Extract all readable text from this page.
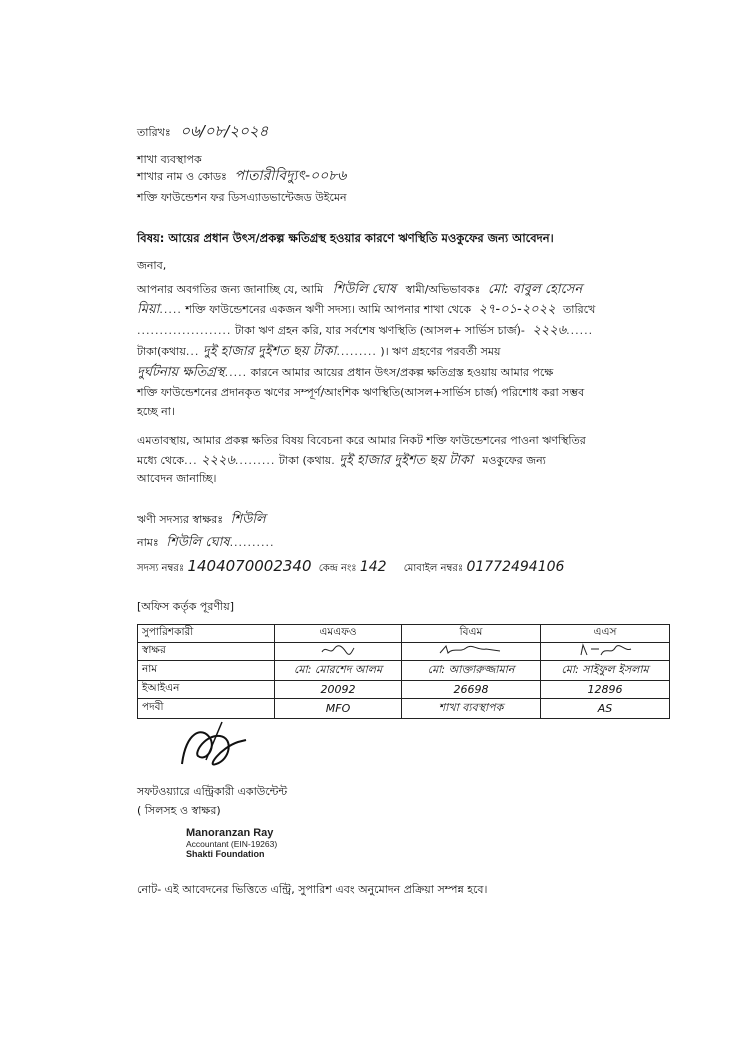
তারিখঃ ০৬/০৮/২০২৪
শাখা ব্যবস্থাপক
শাখার নাম ও কোডঃ পাতারীবিদ্যুৎ-০০৮৬
শক্তি ফাউন্ডেশন ফর ডিসএ্যাডভান্টেজড উইমেন
বিষয়: আয়ের প্রধান উৎস/প্রকল্প ক্ষতিগ্রস্থ হওয়ার কারণে ঋণস্থিতি মওকুফের জন্য আবেদন।
জনাব,
আপনার অবগতির জন্য জানাচ্ছি যে, আমি শিউলি ঘোষ স্বামী/অভিভাবকঃ মো: বাবুল হোসেন
মিয়া..... শক্তি ফাউন্ডেশনের একজন ঋণী সদস্য। আমি আপনার শাখা থেকে ২৭-০১-২০২২ তারিখে
..................... টাকা ঋণ গ্রহন করি, যার সর্বশেষ ঋণস্থিতি (আসল+ সার্ভিস চার্জ)- ২২২৬......
টাকা(কথায়... দুই হাজার দুইশত ছয় টাকা......... )। ঋণ গ্রহণের পরবর্তী সময়
দুর্ঘটনায় ক্ষতিগ্রস্থ..... কারনে আমার আয়ের প্রধান উৎস/প্রকল্প ক্ষতিগ্রস্ত হওয়ায় আমার পক্ষে
শক্তি ফাউন্ডেশনের প্রদানকৃত ঋণের সম্পূর্ণ/আংশিক ঋণস্থিতি(আসল+সার্ভিস চার্জ) পরিশোধ করা সম্ভব
হচ্ছে না।
এমতাবস্থায়, আমার প্রকল্প ক্ষতির বিষয় বিবেচনা করে আমার নিকট শক্তি ফাউন্ডেশনের পাওনা ঋণস্থিতির
মধ্যে থেকে... ২২২৬......... টাকা (কথায়. দুই হাজার দুইশত ছয় টাকা মওকুফের জন্য
আবেদন জানাচ্ছি।
ঋণী সদস্যর স্বাক্ষরঃ শিউলি
নামঃ শিউলি ঘোষ..........
সদস্য নম্বরঃ 1404070002340 কেন্দ্র নংঃ 142 মোবাইল নম্বরঃ 01772494106
[অফিস কর্তৃক পূরণীয়]
সুপারিশকারী	এমএফও	বিএম	এএস
স্বাক্ষর			
নাম	মো: মোরশেদ আলম	মো: আক্তারুজ্জামান	মো: সাইফুল ইসলাম
ইআইএন	20092	26698	12896
পদবী	MFO	শাখা ব্যবস্থাপক	AS
সফটওয়্যারে এন্ট্রিকারী একাউন্টেন্ট
( সিলসহ ও স্বাক্ষর)
Manoranzan Ray
Accountant (EIN-19263)
Shakti Foundation
নোট- এই আবেদনের ভিত্তিতে এন্ট্রি, সুপারিশ এবং অনুমোদন প্রক্রিয়া সম্পন্ন হবে।
